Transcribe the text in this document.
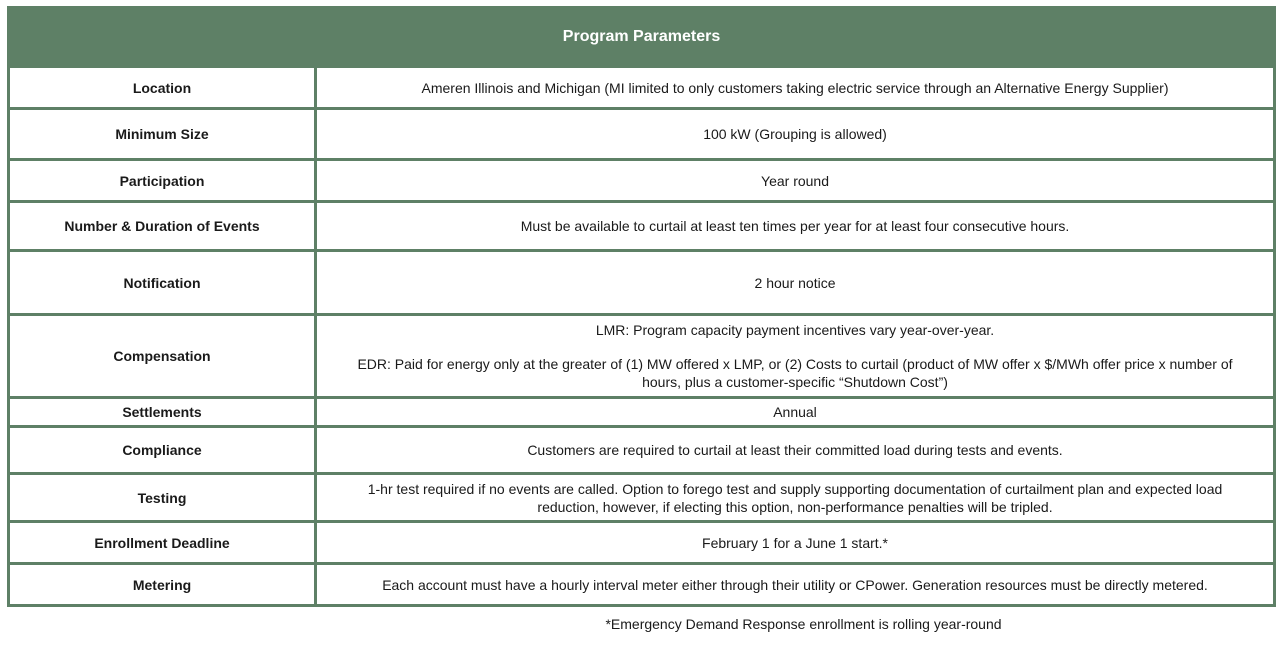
Program Parameters	
Location	Ameren Illinois and Michigan (MI limited to only customers taking electric service through an Alternative Energy Supplier)
Minimum Size	100 kW (Grouping is allowed)
Participation	Year round
Number & Duration of Events	Must be available to curtail at least ten times per year for at least four consecutive hours.
Notification	2 hour notice
Compensation	LMR: Program capacity payment incentives vary year-over-year.
EDR: Paid for energy only at the greater of (1) MW offered x LMP, or (2) Costs to curtail (product of MW offer x $/MWh offer price x number of hours, plus a customer-specific “Shutdown Cost”)

Settlements	Annual
Compliance	Customers are required to curtail at least their committed load during tests and events.
Testing	1-hr test required if no events are called. Option to forego test and supply supporting documentation of curtailment plan and expected load reduction, however, if electing this option, non-performance penalties will be tripled.
Enrollment Deadline	February 1 for a June 1 start.*
Metering	Each account must have a hourly interval meter either through their utility or CPower. Generation resources must be directly metered.
*Emergency Demand Response enrollment is rolling year-round
